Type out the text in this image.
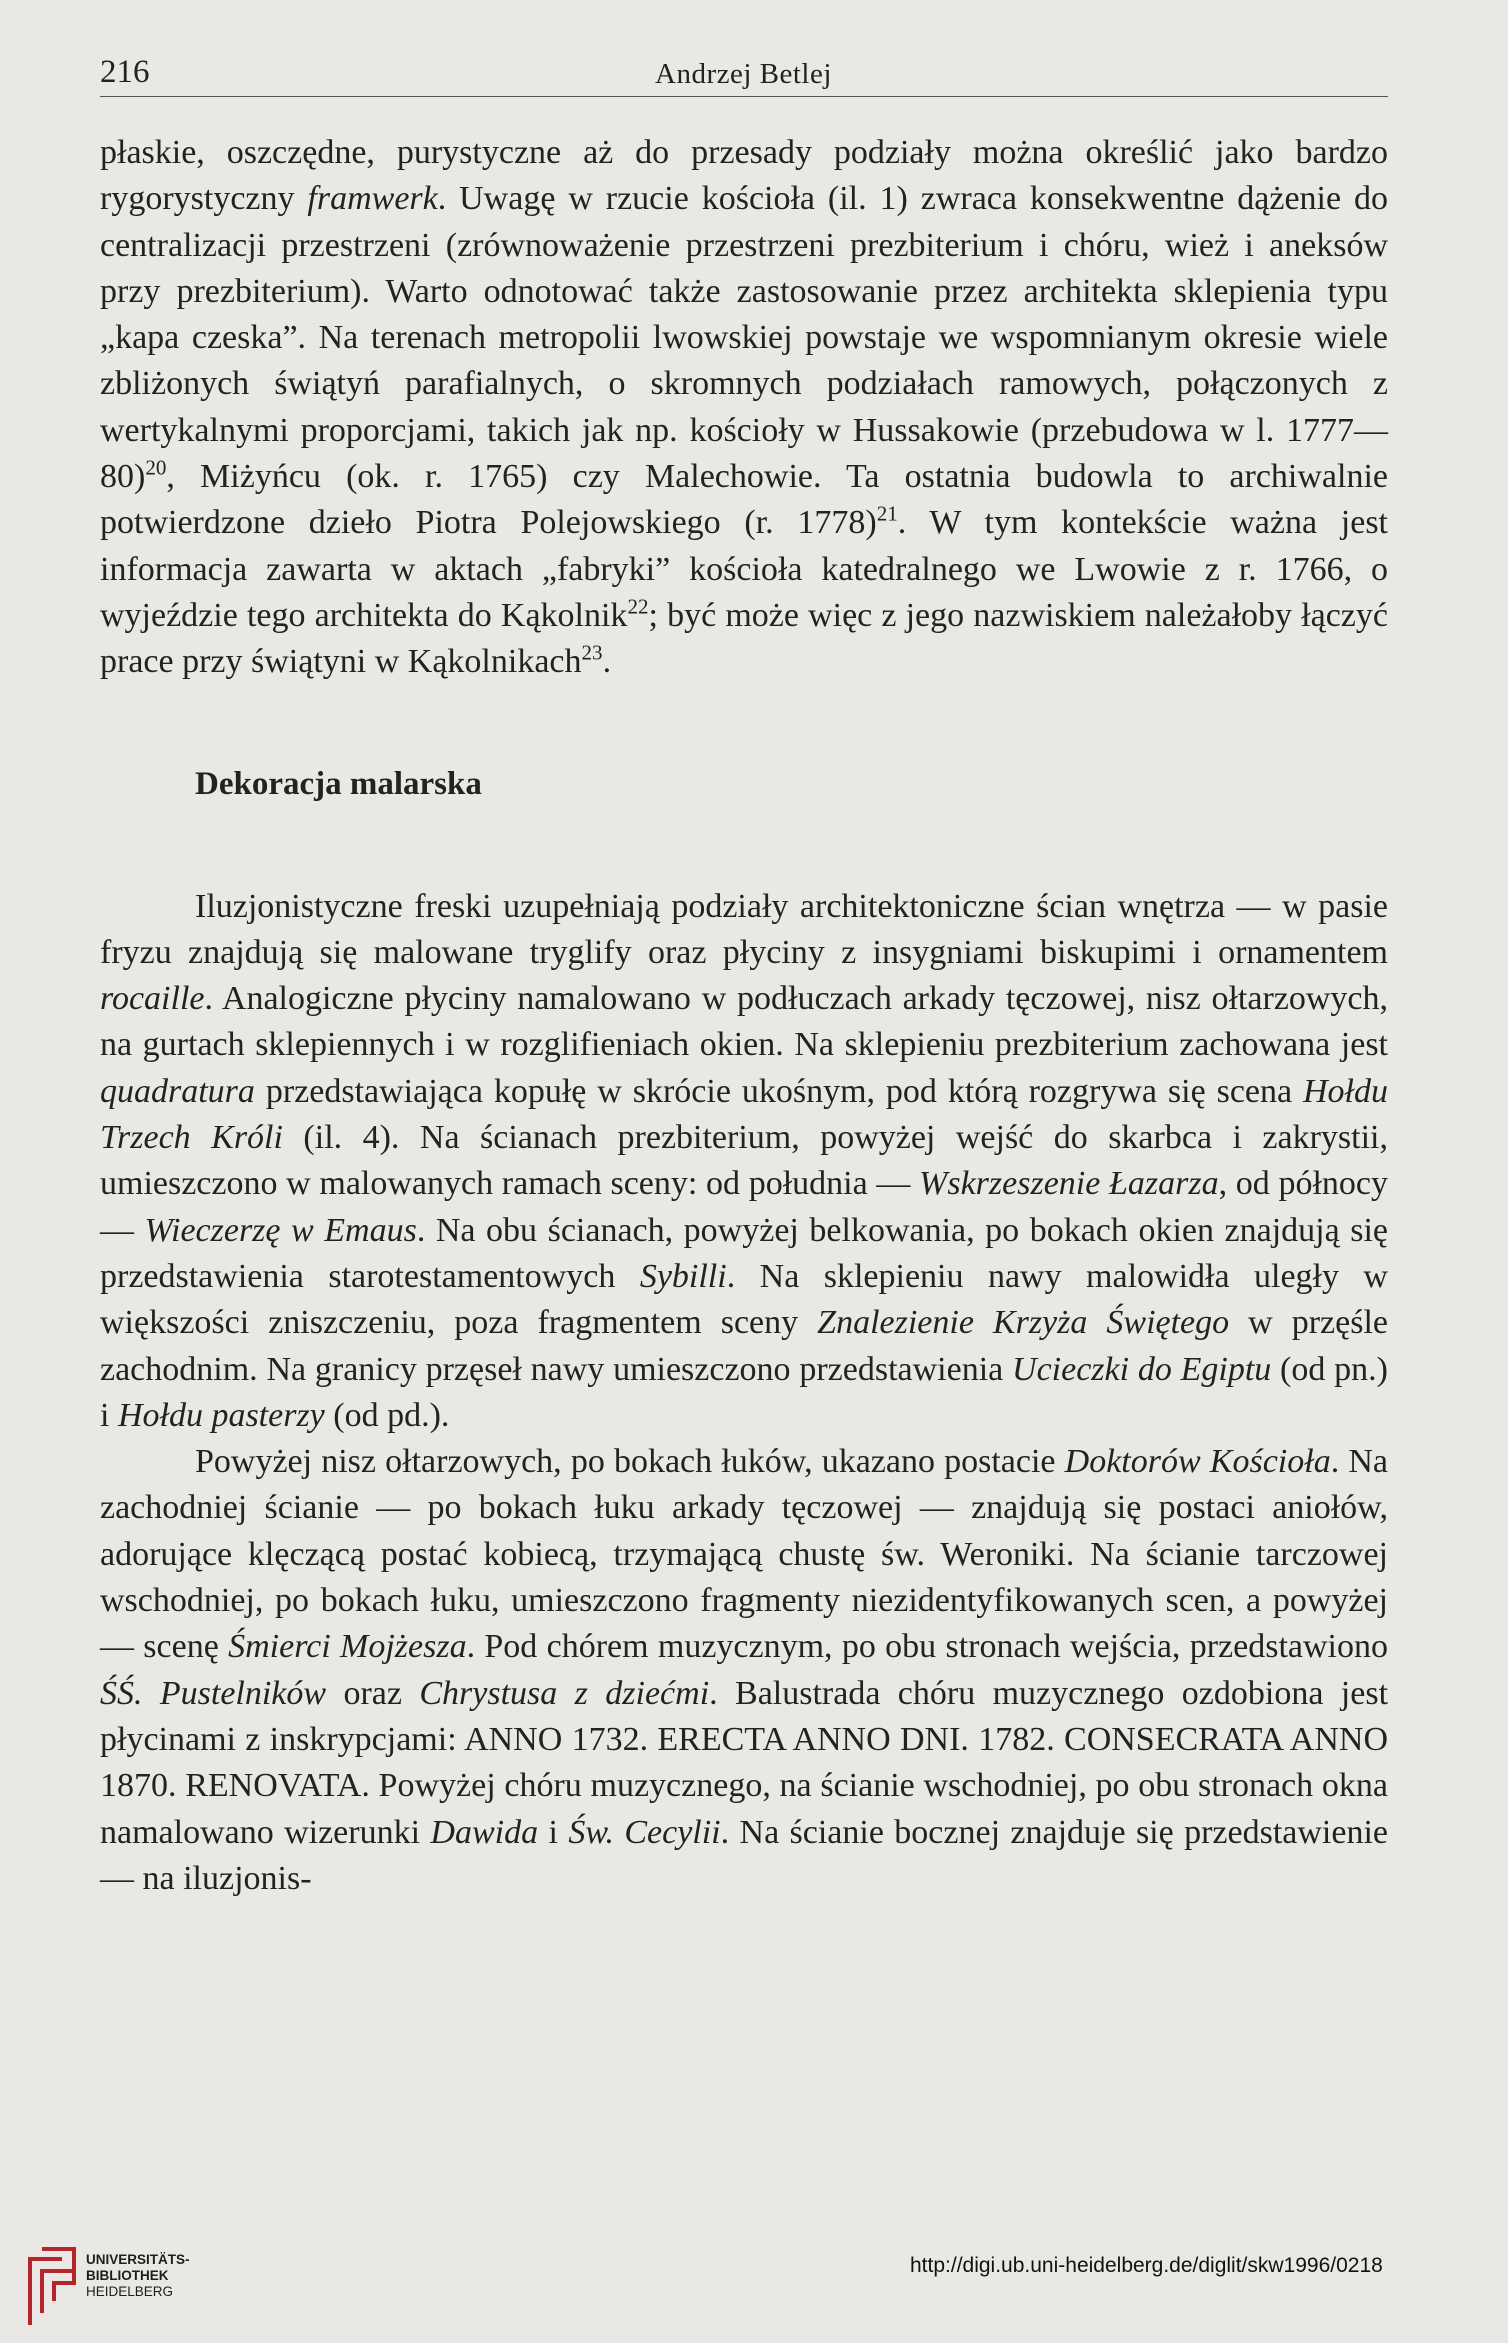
216	Andrzej Betlej

płaskie, oszczędne, purystyczne aż do przesady podziały można określić jako bardzo rygorystyczny framwerk. Uwagę w rzucie kościoła (il. 1) zwraca konsekwentne dążenie do centralizacji przestrzeni (zrównoważenie przestrzeni prezbiterium i chóru, wież i aneksów przy prezbiterium). Warto odnotować także zastosowanie przez architekta sklepienia typu „kapa czeska”. Na terenach metropolii lwowskiej powstaje we wspomnianym okresie wiele zbliżonych świątyń parafialnych, o skromnych podziałach ramowych, połączonych z wertykalnymi proporcjami, takich jak np. kościoły w Hussakowie (przebudowa w l. 1777—80)$^{20}$, Miżyńcu (ok. r. 1765) czy Malechowie. Ta ostatnia budowla to archiwalnie potwierdzone dzieło Piotra Polejowskiego (r. 1778)$^{21}$. W tym kontekście ważna jest informacja zawarta w aktach „fabryki” kościoła katedralnego we Lwowie z r. 1766, o wyjeździe tego architekta do Kąkolnik$^{22}$; być może więc z jego nazwiskiem należałoby łączyć prace przy świątyni w Kąkolnikach$^{23}$.

Dekoracja malarska

Iluzjonistyczne freski uzupełniają podziały architektoniczne ścian wnętrza — w pasie fryzu znajdują się malowane tryglify oraz płyciny z insygniami biskupimi i ornamentem rocaille. Analogiczne płyciny namalowano w podłuczach arkady tęczowej, nisz ołtarzowych, na gurtach sklepiennych i w rozglifieniach okien. Na sklepieniu prezbiterium zachowana jest quadratura przedstawiająca kopułę w skrócie ukośnym, pod którą rozgrywa się scena Hołdu Trzech Króli (il. 4). Na ścianach prezbiterium, powyżej wejść do skarbca i zakrystii, umieszczono w malowanych ramach sceny: od południa — Wskrzeszenie Łazarza, od północy — Wieczerzę w Emaus. Na obu ścianach, powyżej belkowania, po bokach okien znajdują się przedstawienia starotestamentowych Sybilli. Na sklepieniu nawy malowidła uległy w większości zniszczeniu, poza fragmentem sceny Znalezienie Krzyża Świętego w przęśle zachodnim. Na granicy przęseł nawy umieszczono przedstawienia Ucieczki do Egiptu (od pn.) i Hołdu pasterzy (od pd.).

Powyżej nisz ołtarzowych, po bokach łuków, ukazano postacie Doktorów Kościoła. Na zachodniej ścianie — po bokach łuku arkady tęczowej — znajdują się postaci aniołów, adorujące klęczącą postać kobiecą, trzymającą chustę św. Weroniki. Na ścianie tarczowej wschodniej, po bokach łuku, umieszczono fragmenty niezidentyfikowanych scen, a powyżej — scenę Śmierci Mojżesza. Pod chórem muzycznym, po obu stronach wejścia, przedstawiono ŚŚ. Pustelników oraz Chrystusa z dziećmi. Balustrada chóru muzycznego ozdobiona jest płycinami z inskrypcjami: ANNO 1732. ERECTA ANNO DNI. 1782. CONSECRATA ANNO 1870. RENOVATA. Powyżej chóru muzycznego, na ścianie wschodniej, po obu stronach okna namalowano wizerunki Dawida i Św. Cecylii. Na ścianie bocznej znajduje się przedstawienie — na iluzjonis-

UNIVERSITÄTS-
BIBLIOTHEK
HEIDELBERG
http://digi.ub.uni-heidelberg.de/diglit/skw1996/0218
